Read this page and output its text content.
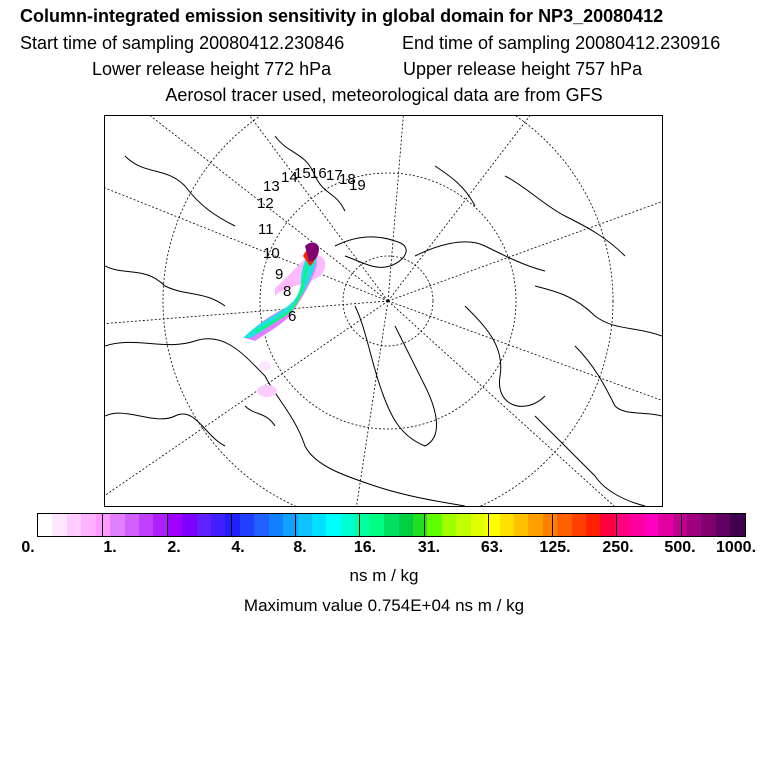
Column-integrated emission sensitivity in global domain for NP3_20080412
Start time of sampling 20080412.230846	End time of sampling 20080412.230916
Lower release height 772 hPa	Upper release height 757 hPa
Aerosol tracer used, meteorological data are from GFS
13
14
15 16 17
18
19
12
11
10
9
8
6
0.	1.	2.	4.	8.	16.	31.	63. 125. 250. 500. 1000.
ns m / kg
Maximum value 0.754E+04 ns m / kg
